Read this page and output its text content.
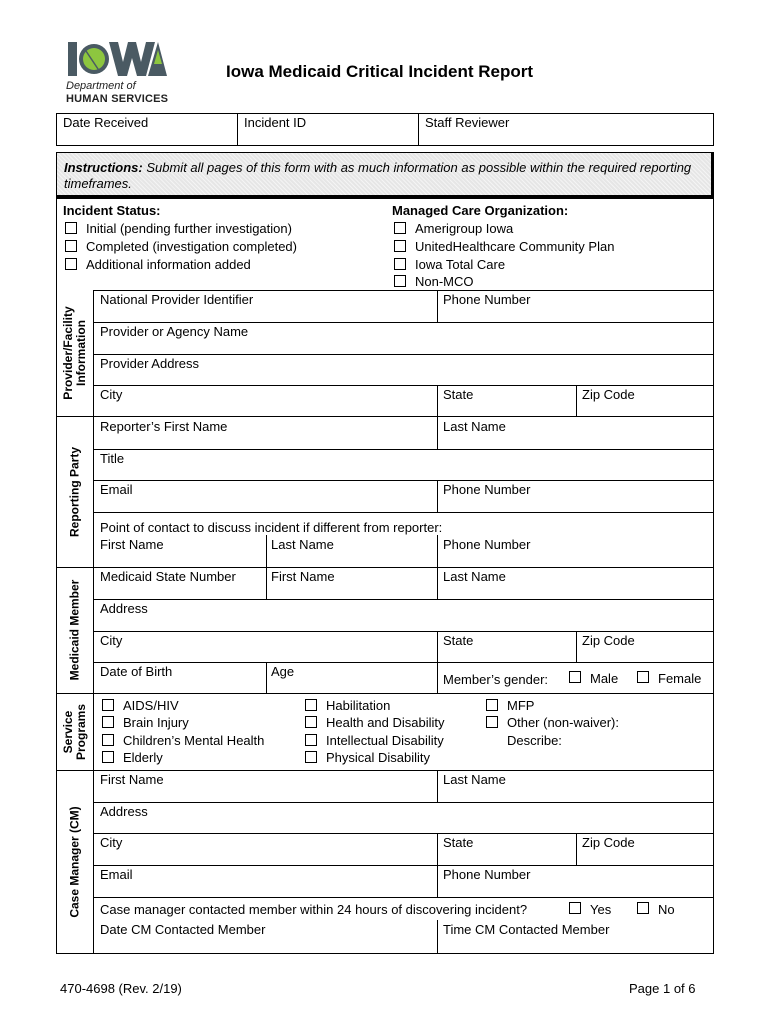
Department of
HUMAN SERVICES
Iowa Medicaid Critical Incident Report
Date Received	Incident ID	Staff Reviewer
Instructions: Submit all pages of this form with as much information as possible within the required reporting timeframes.
Incident Status:
Initial (pending further investigation)
Completed (investigation completed)
Additional information added
Managed Care Organization:
Amerigroup Iowa
UnitedHealthcare Community Plan
Iowa Total Care
Non-MCO
Provider/Facility Information
National Provider Identifier	Phone Number
Provider or Agency Name
Provider Address
City	State	Zip Code
Reporting Party
Reporter’s First Name	Last Name
Title
Email	Phone Number
Point of contact to discuss incident if different from reporter:
First Name	Last Name	Phone Number
Medicaid Member
Medicaid State Number	First Name	Last Name
Address
City	State	Zip Code
Date of Birth	Age
Member’s gender:	Male	Female
Service Programs	AIDS/HIV
Brain Injury
Children’s Mental Health
Elderly
Habilitation
Health and Disability
Intellectual Disability
Physical Disability
MFP
Other (non-waiver):
Describe:
Case Manager (CM)
First Name	Last Name
Address
City	State	Zip Code
Email	Phone Number
Case manager contacted member within 24 hours of discovering incident?	Yes	No
Date CM Contacted Member	Time CM Contacted Member
470-4698 (Rev. 2/19)	Page 1 of 6
